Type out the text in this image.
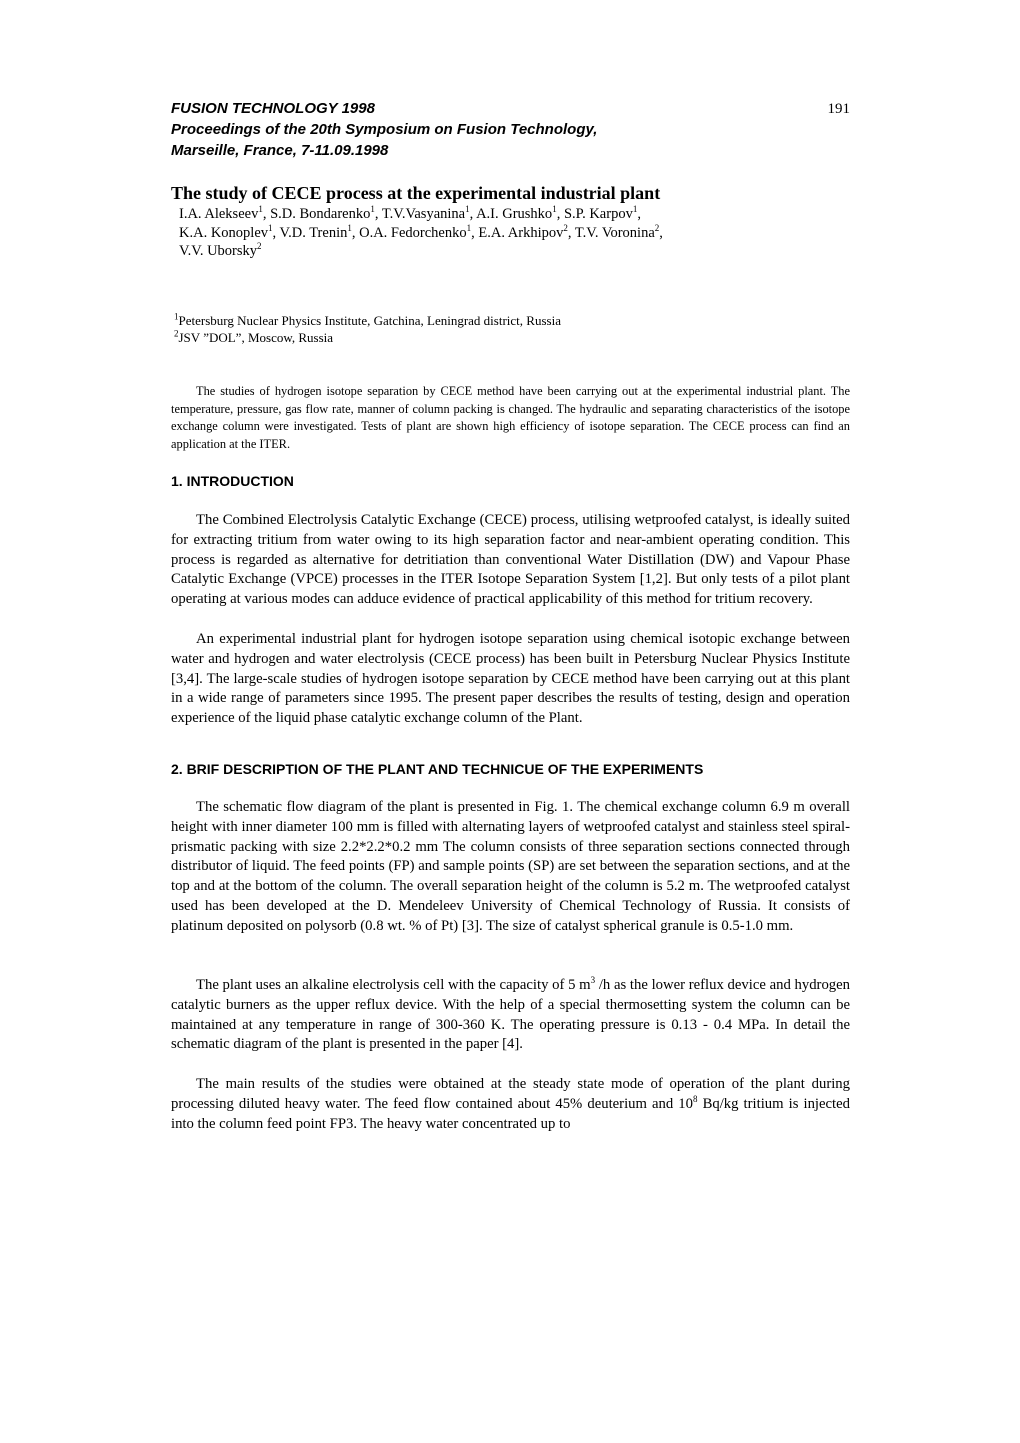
FUSION TECHNOLOGY 1998	191
Proceedings of the 20th Symposium on Fusion Technology,
Marseille, France, 7-11.09.1998
The study of CECE process at the experimental industrial plant
I.A. Alekseev$^1$, S.D. Bondarenko$^1$, T.V.Vasyanina$^1$, A.I. Grushko$^1$, S.P. Karpov$^1$,
K.A. Konoplev$^1$, V.D. Trenin$^1$, O.A. Fedorchenko$^1$, E.A. Arkhipov$^2$, T.V. Voronina$^2$,
V.V. Uborsky$^2$
$^1$Petersburg Nuclear Physics Institute, Gatchina, Leningrad district, Russia
$^2$JSV ”DOL”, Moscow, Russia
The studies of hydrogen isotope separation by CECE method have been carrying out at the experimental industrial plant. The temperature, pressure, gas flow rate, manner of column packing is changed. The hydraulic and separating characteristics of the isotope exchange column were investigated. Tests of plant are shown high efficiency of isotope separation. The CECE process can find an application at the ITER.
1. INTRODUCTION
The Combined Electrolysis Catalytic Exchange (CECE) process, utilising wetproofed catalyst, is ideally suited for extracting tritium from water owing to its high separation factor and near-ambient operating condition. This process is regarded as alternative for detritiation than conventional Water Distillation (DW) and Vapour Phase Catalytic Exchange (VPCE) processes in the ITER Isotope Separation System [1,2]. But only tests of a pilot plant operating at various modes can adduce evidence of practical applicability of this method for tritium recovery.
An experimental industrial plant for hydrogen isotope separation using chemical isotopic exchange between water and hydrogen and water electrolysis (CECE process) has been built in Petersburg Nuclear Physics Institute [3,4]. The large-scale studies of hydrogen isotope separation by CECE method have been carrying out at this plant in a wide range of parameters since 1995. The present paper describes the results of testing, design and operation experience of the liquid phase catalytic exchange column of the Plant.
2. BRIF DESCRIPTION OF THE PLANT AND TECHNICUE OF THE EXPERIMENTS
The schematic flow diagram of the plant is presented in Fig. 1. The chemical exchange column 6.9 m overall height with inner diameter 100 mm is filled with alternating layers of wetproofed catalyst and stainless steel spiral-prismatic packing with size 2.2*2.2*0.2 mm The column consists of three separation sections connected through distributor of liquid. The feed points (FP) and sample points (SP) are set between the separation sections, and at the top and at the bottom of the column. The overall separation height of the column is 5.2 m. The wetproofed catalyst used has been developed at the D. Mendeleev University of Chemical Technology of Russia. It consists of platinum deposited on polysorb (0.8 wt. % of Pt) [3]. The size of catalyst spherical granule is 0.5-1.0 mm.
The plant uses an alkaline electrolysis cell with the capacity of 5 $m^3$ /h as the lower reflux device and hydrogen catalytic burners as the upper reflux device. With the help of a special thermosetting system the column can be maintained at any temperature in range of 300-360 K. The operating pressure is 0.13 - 0.4 MPa. In detail the schematic diagram of the plant is presented in the paper [4].
The main results of the studies were obtained at the steady state mode of operation of the plant during processing diluted heavy water. The feed flow contained about 45% deuterium and $10^8$ Bq/kg tritium is injected into the column feed point FP3. The heavy water concentrated up to
